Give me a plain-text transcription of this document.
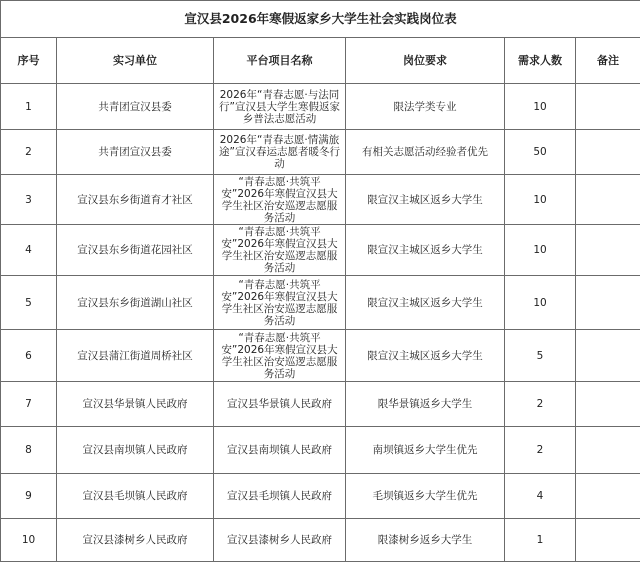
宣汉县2026年寒假返家乡大学生社会实践岗位表					
序号	实习单位	平台项目名称	岗位要求	需求人数	备注
1	共青团宣汉县委	2026年“青春志愿·与法同行”宣汉县大学生寒假返家乡普法志愿活动	限法学类专业	10	
2	共青团宣汉县委	2026年“青春志愿·情满旅途”宣汉春运志愿者暖冬行动	有相关志愿活动经验者优先	50	
3	宣汉县东乡街道育才社区	“青春志愿·共筑平安”2026年寒假宣汉县大学生社区治安巡逻志愿服务活动	限宣汉主城区返乡大学生	10	
4	宣汉县东乡街道花园社区	“青春志愿·共筑平安”2026年寒假宣汉县大学生社区治安巡逻志愿服务活动	限宣汉主城区返乡大学生	10	
5	宣汉县东乡街道湖山社区	“青春志愿·共筑平安”2026年寒假宣汉县大学生社区治安巡逻志愿服务活动	限宣汉主城区返乡大学生	10	
6	宣汉县蒲江街道周桥社区	“青春志愿·共筑平安”2026年寒假宣汉县大学生社区治安巡逻志愿服务活动	限宣汉主城区返乡大学生	5	
7	宣汉县华景镇人民政府	宣汉县华景镇人民政府	限华景镇返乡大学生	2	
8	宣汉县南坝镇人民政府	宣汉县南坝镇人民政府	南坝镇返乡大学生优先	2	
9	宣汉县毛坝镇人民政府	宣汉县毛坝镇人民政府	毛坝镇返乡大学生优先	4	
10	宣汉县漆树乡人民政府	宣汉县漆树乡人民政府	限漆树乡返乡大学生	1	
